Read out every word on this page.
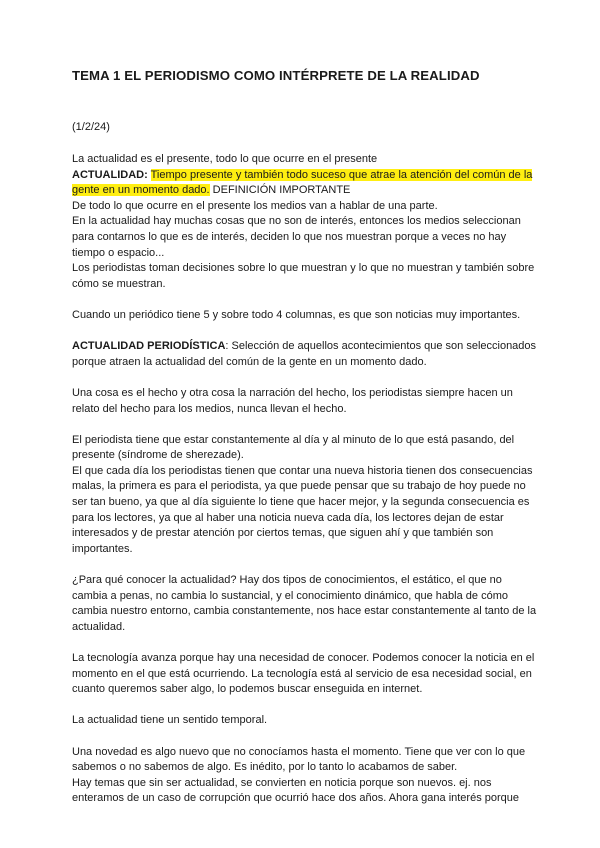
TEMA 1 EL PERIODISMO COMO INTÉRPRETE DE LA REALIDAD
(1/2/24)

La actualidad es el presente, todo lo que ocurre en el presente

ACTUALIDAD: Tiempo presente y también todo suceso que atrae la atención del común de la gente en un momento dado. DEFINICIÓN IMPORTANTE

De todo lo que ocurre en el presente los medios van a hablar de una parte.

En la actualidad hay muchas cosas que no son de interés, entonces los medios seleccionan para contarnos lo que es de interés, deciden lo que nos muestran porque a veces no hay tiempo o espacio...

Los periodistas toman decisiones sobre lo que muestran y lo que no muestran y también sobre cómo se muestran.

Cuando un periódico tiene 5 y sobre todo 4 columnas, es que son noticias muy importantes.

ACTUALIDAD PERIODÍSTICA: Selección de aquellos acontecimientos que son seleccionados porque atraen la actualidad del común de la gente en un momento dado.

Una cosa es el hecho y otra cosa la narración del hecho, los periodistas siempre hacen un relato del hecho para los medios, nunca llevan el hecho.

El periodista tiene que estar constantemente al día y al minuto de lo que está pasando, del presente (síndrome de sherezade).

El que cada día los periodistas tienen que contar una nueva historia tienen dos consecuencias malas, la primera es para el periodista, ya que puede pensar que su trabajo de hoy puede no ser tan bueno, ya que al día siguiente lo tiene que hacer mejor, y la segunda consecuencia es para los lectores, ya que al haber una noticia nueva cada día, los lectores dejan de estar interesados y de prestar atención por ciertos temas, que siguen ahí y que también son importantes.

¿Para qué conocer la actualidad? Hay dos tipos de conocimientos, el estático, el que no cambia a penas, no cambia lo sustancial, y el conocimiento dinámico, que habla de cómo cambia nuestro entorno, cambia constantemente, nos hace estar constantemente al tanto de la actualidad.

La tecnología avanza porque hay una necesidad de conocer. Podemos conocer la noticia en el momento en el que está ocurriendo. La tecnología está al servicio de esa necesidad social, en cuanto queremos saber algo, lo podemos buscar enseguida en internet.

La actualidad tiene un sentido temporal.

Una novedad es algo nuevo que no conocíamos hasta el momento. Tiene que ver con lo que sabemos o no sabemos de algo. Es inédito, por lo tanto lo acabamos de saber.

Hay temas que sin ser actualidad, se convierten en noticia porque son nuevos. ej. nos enteramos de un caso de corrupción que ocurrió hace dos años. Ahora gana interés porque
